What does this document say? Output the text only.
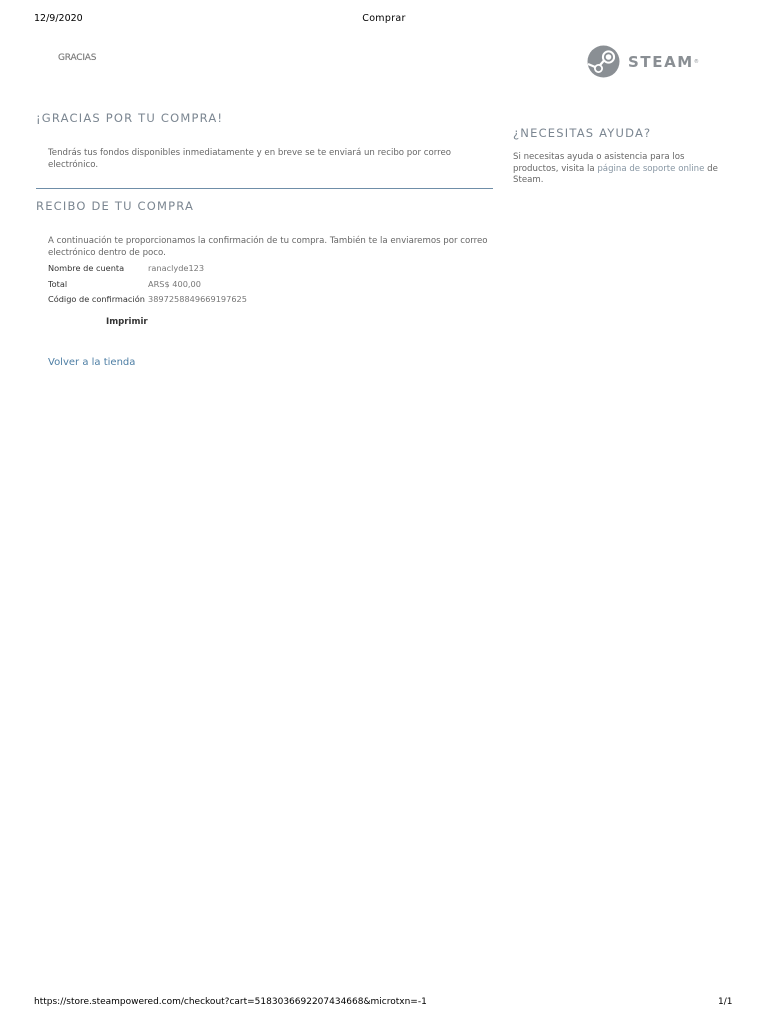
12/9/2020	Comprar
GRACIAS	STEAM ®
¡GRACIAS POR TU COMPRA!
Tendrás tus fondos disponibles inmediatamente y en breve se te enviará un recibo por correo electrónico.
RECIBO DE TU COMPRA
A continuación te proporcionamos la confirmación de tu compra. También te la enviaremos por correo electrónico dentro de poco.
Nombre de cuenta	ranaclyde123
Total	ARS$ 400,00
Código de confirmación 3897258849669197625
Imprimir
Volver a la tienda
¿NECESITAS AYUDA?
Si necesitas ayuda o asistencia para los productos, visita la página de soporte online de Steam.
https://store.steampowered.com/checkout?cart=5183036692207434668&microtxn=-1	1/1
